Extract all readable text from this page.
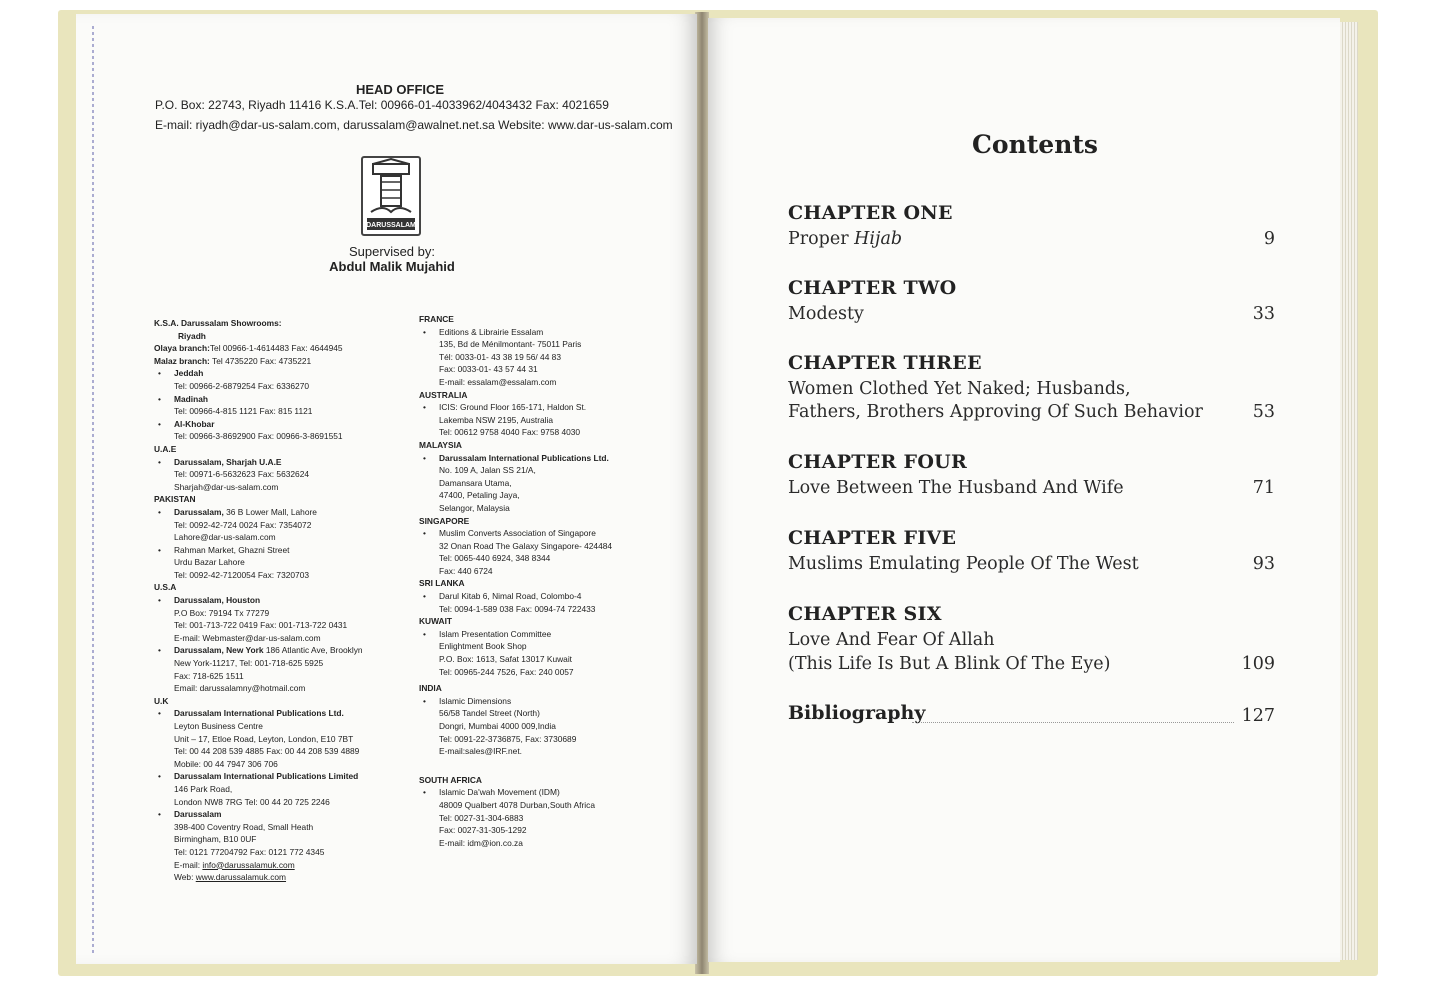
HEAD OFFICE
P.O. Box: 22743, Riyadh 11416 K.S.A.Tel: 00966-01-4033962/4043432 Fax: 4021659
E-mail: riyadh@dar-us-salam.com, darussalam@awalnet.net.sa Website: www.dar-us-salam.com
DARUSSALAM
Supervised by:
Abdul Malik Mujahid
K.S.A. Darussalam Showrooms:
Riyadh
Olaya branch:Tel 00966-1-4614483 Fax: 4644945
Malaz branch: Tel 4735220 Fax: 4735221
• Jeddah
Tel: 00966-2-6879254 Fax: 6336270
• Madinah
Tel: 00966-4-815 1121 Fax: 815 1121
• Al-Khobar
Tel: 00966-3-8692900 Fax: 00966-3-8691551
U.A.E
• Darussalam, Sharjah U.A.E
Tel: 00971-6-5632623 Fax: 5632624
Sharjah@dar-us-salam.com
PAKISTAN
• Darussalam, 36 B Lower Mall, Lahore
Tel: 0092-42-724 0024 Fax: 7354072
Lahore@dar-us-salam.com
• Rahman Market, Ghazni Street
Urdu Bazar Lahore
Tel: 0092-42-7120054 Fax: 7320703
U.S.A
• Darussalam, Houston
P.O Box: 79194 Tx 77279
Tel: 001-713-722 0419 Fax: 001-713-722 0431
E-mail: Webmaster@dar-us-salam.com
• Darussalam, New York 186 Atlantic Ave, Brooklyn
New York-11217, Tel: 001-718-625 5925
Fax: 718-625 1511
Email: darussalamny@hotmail.com
U.K
• Darussalam International Publications Ltd.
Leyton Business Centre
Unit – 17, Etloe Road, Leyton, London, E10 7BT
Tel: 00 44 208 539 4885 Fax: 00 44 208 539 4889
Mobile: 00 44 7947 306 706
• Darussalam International Publications Limited
146 Park Road,
London NW8 7RG Tel: 00 44 20 725 2246
• Darussalam
398-400 Coventry Road, Small Heath
Birmingham, B10 0UF
Tel: 0121 77204792 Fax: 0121 772 4345
E-mail: info@darussalamuk.com
Web: www.darussalamuk.com
FRANCE
• Editions & Librairie Essalam
135, Bd de Ménilmontant- 75011 Paris
Tél: 0033-01- 43 38 19 56/ 44 83
Fax: 0033-01- 43 57 44 31
E-mail: essalam@essalam.com
AUSTRALIA
• ICIS: Ground Floor 165-171, Haldon St.
Lakemba NSW 2195, Australia
Tel: 00612 9758 4040 Fax: 9758 4030
MALAYSIA
• Darussalam International Publications Ltd.
No. 109 A, Jalan SS 21/A,
Damansara Utama,
47400, Petaling Jaya,
Selangor, Malaysia
SINGAPORE
• Muslim Converts Association of Singapore
32 Onan Road The Galaxy Singapore- 424484
Tel: 0065-440 6924, 348 8344
Fax: 440 6724
SRI LANKA
• Darul Kitab 6, Nimal Road, Colombo-4
Tel: 0094-1-589 038 Fax: 0094-74 722433
KUWAIT
• Islam Presentation Committee
Enlightment Book Shop
P.O. Box: 1613, Safat 13017 Kuwait
Tel: 00965-244 7526, Fax: 240 0057
INDIA
• Islamic Dimensions
56/58 Tandel Street (North)
Dongri, Mumbai 4000 009,India
Tel: 0091-22-3736875, Fax: 3730689
E-mail:sales@IRF.net.
SOUTH AFRICA
• Islamic Da'wah Movement (IDM)
48009 Qualbert 4078 Durban,South Africa
Tel: 0027-31-304-6883
Fax: 0027-31-305-1292
E-mail: idm@ion.co.za
Contents
CHAPTER ONE
Proper Hijab	9
CHAPTER TWO
Modesty	33
CHAPTER THREE
Women Clothed Yet Naked; Husbands,
Fathers, Brothers Approving Of Such Behavior	53
CHAPTER FOUR
Love Between The Husband And Wife	71
CHAPTER FIVE
Muslims Emulating People Of The West	93
CHAPTER SIX
Love And Fear Of Allah
(This Life Is But A Blink Of The Eye)	109
Bibliography	127
